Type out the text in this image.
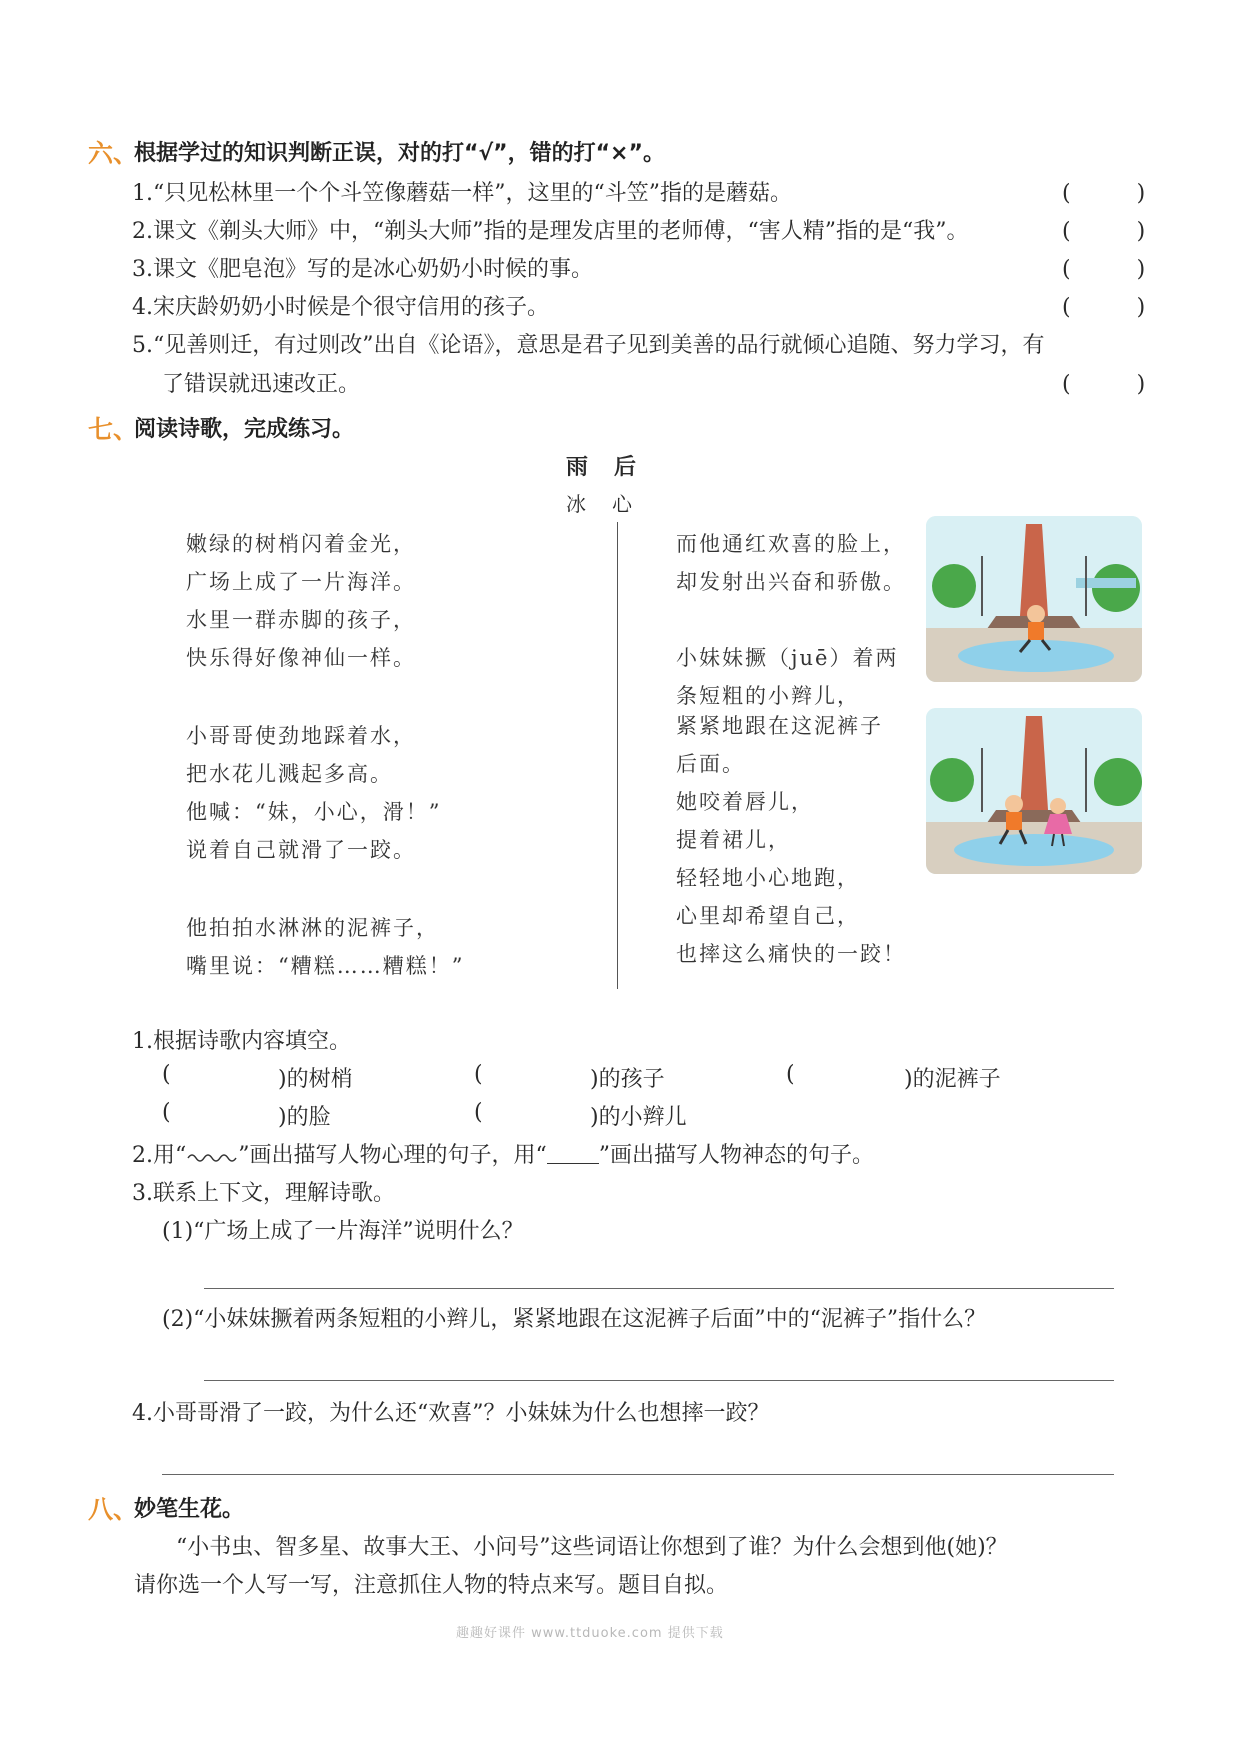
六、
根据学过的知识判断正误，对的打“√”，错的打“×”。
1.“只见松林里一个个斗笠像蘑菇一样”，这里的“斗笠”指的是蘑菇。	(　　　)
2.课文《剃头大师》中，“剃头大师”指的是理发店里的老师傅，“害人精”指的是“我”。	(　　　)
3.课文《肥皂泡》写的是冰心奶奶小时候的事。	(　　　)
4.宋庆龄奶奶小时候是个很守信用的孩子。	(　　　)
5.“见善则迁，有过则改”出自《论语》，意思是君子见到美善的品行就倾心追随、努力学习，有
了错误就迅速改正。	(　　　)
七、
阅读诗歌，完成练习。
雨后
冰心
嫩绿的树梢闪着金光，
广场上成了一片海洋。
水里一群赤脚的孩子，
快乐得好像神仙一样。
小哥哥使劲地踩着水，
把水花儿溅起多高。
他喊：“妹，小心，滑！”
说着自己就滑了一跤。
他拍拍水淋淋的泥裤子，
嘴里说：“糟糕……糟糕！”
而他通红欢喜的脸上，
却发射出兴奋和骄傲。
小妹妹撅（juē）着两
条短粗的小辫儿，
紧紧地跟在这泥裤子
后面。
她咬着唇儿，
提着裙儿，
轻轻地小心地跑，
心里却希望自己，
也摔这么痛快的一跤！
1.根据诗歌内容填空。
(	)的树梢	(	)的孩子	(	)的泥裤子
(	)的脸	(	)的小辫儿
2.用“ ”画出描写人物心理的句子，用“ ”画出描写人物神态的句子。
3.联系上下文，理解诗歌。
(1)“广场上成了一片海洋”说明什么？
(2)“小妹妹撅着两条短粗的小辫儿，紧紧地跟在这泥裤子后面”中的“泥裤子”指什么？
4.小哥哥滑了一跤，为什么还“欢喜”？小妹妹为什么也想摔一跤？
八、
妙笔生花。
“小书虫、智多星、故事大王、小问号”这些词语让你想到了谁？为什么会想到他(她)？
请你选一个人写一写，注意抓住人物的特点来写。题目自拟。
趣趣好课件 www.ttduoke.com 提供下载
